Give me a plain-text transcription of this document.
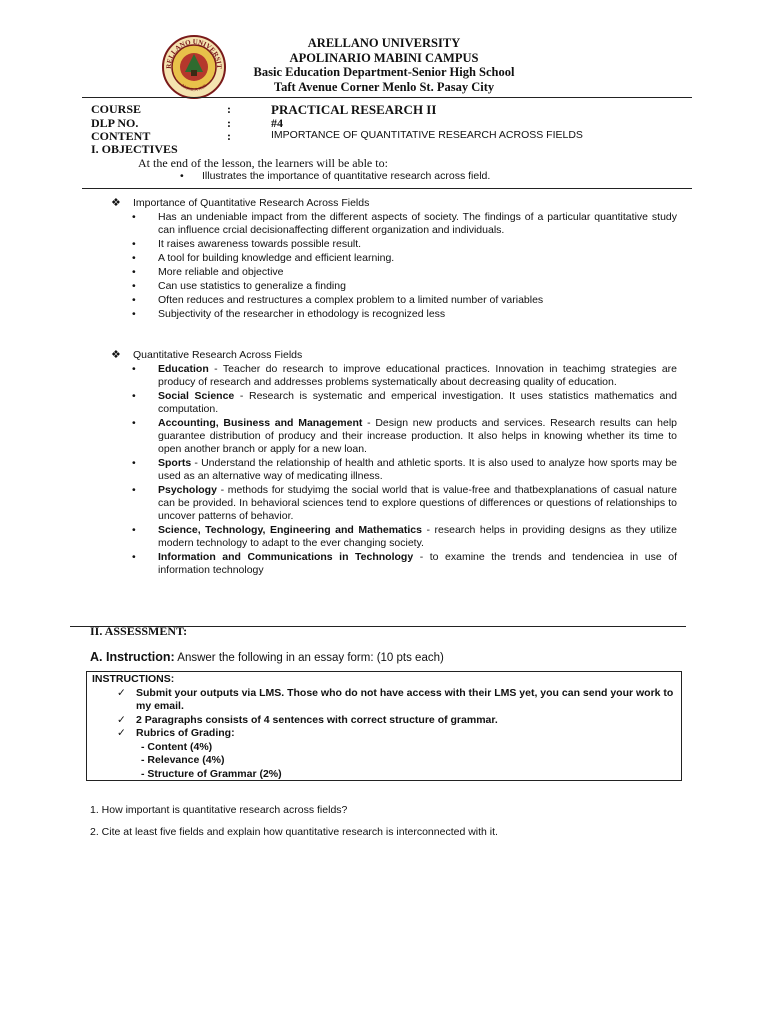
RELLANO UNIVERSIT
MANILA 1938
ARELLANO UNIVERSITY
APOLINARIO MABINI CAMPUS
Basic Education Department-Senior High School
Taft Avenue Corner Menlo St. Pasay City
COURSE	:	PRACTICAL RESEARCH II
DLP NO.	:	#4
CONTENT	:	IMPORTANCE OF QUANTITATIVE RESEARCH ACROSS FIELDS
I. OBJECTIVES
At the end of the lesson, the learners will be able to:
• Illustrates the importance of quantitative research across field.
❖ Importance of Quantitative Research Across Fields
• Has an undeniable impact from the different aspects of society. The findings of a particular quantitative study can influence crcial decisionaffecting different organization and individuals.
• It raises awareness towards possible result.
• A tool for building knowledge and efficient learning.
• More reliable and objective
• Can use statistics to generalize a finding
• Often reduces and restructures a complex problem to a limited number of variables
• Subjectivity of the researcher in ethodology is recognized less
❖ Quantitative Research Across Fields
• Education - Teacher do research to improve educational practices. Innovation in teachimg strategies are producy of research and addresses problems systematically about decreasing quality of education.
• Social Science - Research is systematic and emperical investigation. It uses statistics mathematics and computation.
• Accounting, Business and Management - Design new products and services. Research results can help guarantee distribution of producy and their increase production. It also helps in knowing whether its time to open another branch or apply for a new loan.
• Sports - Understand the relationship of health and athletic sports. It is also used to analyze how sports may be used as an alternative way of medicating illness.
• Psychology - methods for studyimg the social world that is value-free and thatbexplanations of casual nature can be provided. In behavioral sciences tend to explore questions of differences or questions of relationships to uncover patterns of behavior.
• Science, Technology, Engineering and Mathematics - research helps in providing designs as they utilize modern technology to adapt to the ever changing society.
• Information and Communications in Technology - to examine the trends and tendenciea in use of information technology
II. ASSESSMENT:
A. Instruction: Answer the following in an essay form: (10 pts each)
INSTRUCTIONS:
✓ Submit your outputs via LMS. Those who do not have access with their LMS yet, you can send your work to my email.
✓ 2 Paragraphs consists of 4 sentences with correct structure of grammar.
✓ Rubrics of Grading:
- Content (4%)
- Relevance (4%)
- Structure of Grammar (2%)
1. How important is quantitative research across fields?
2. Cite at least five fields and explain how quantitative research is interconnected with it.
